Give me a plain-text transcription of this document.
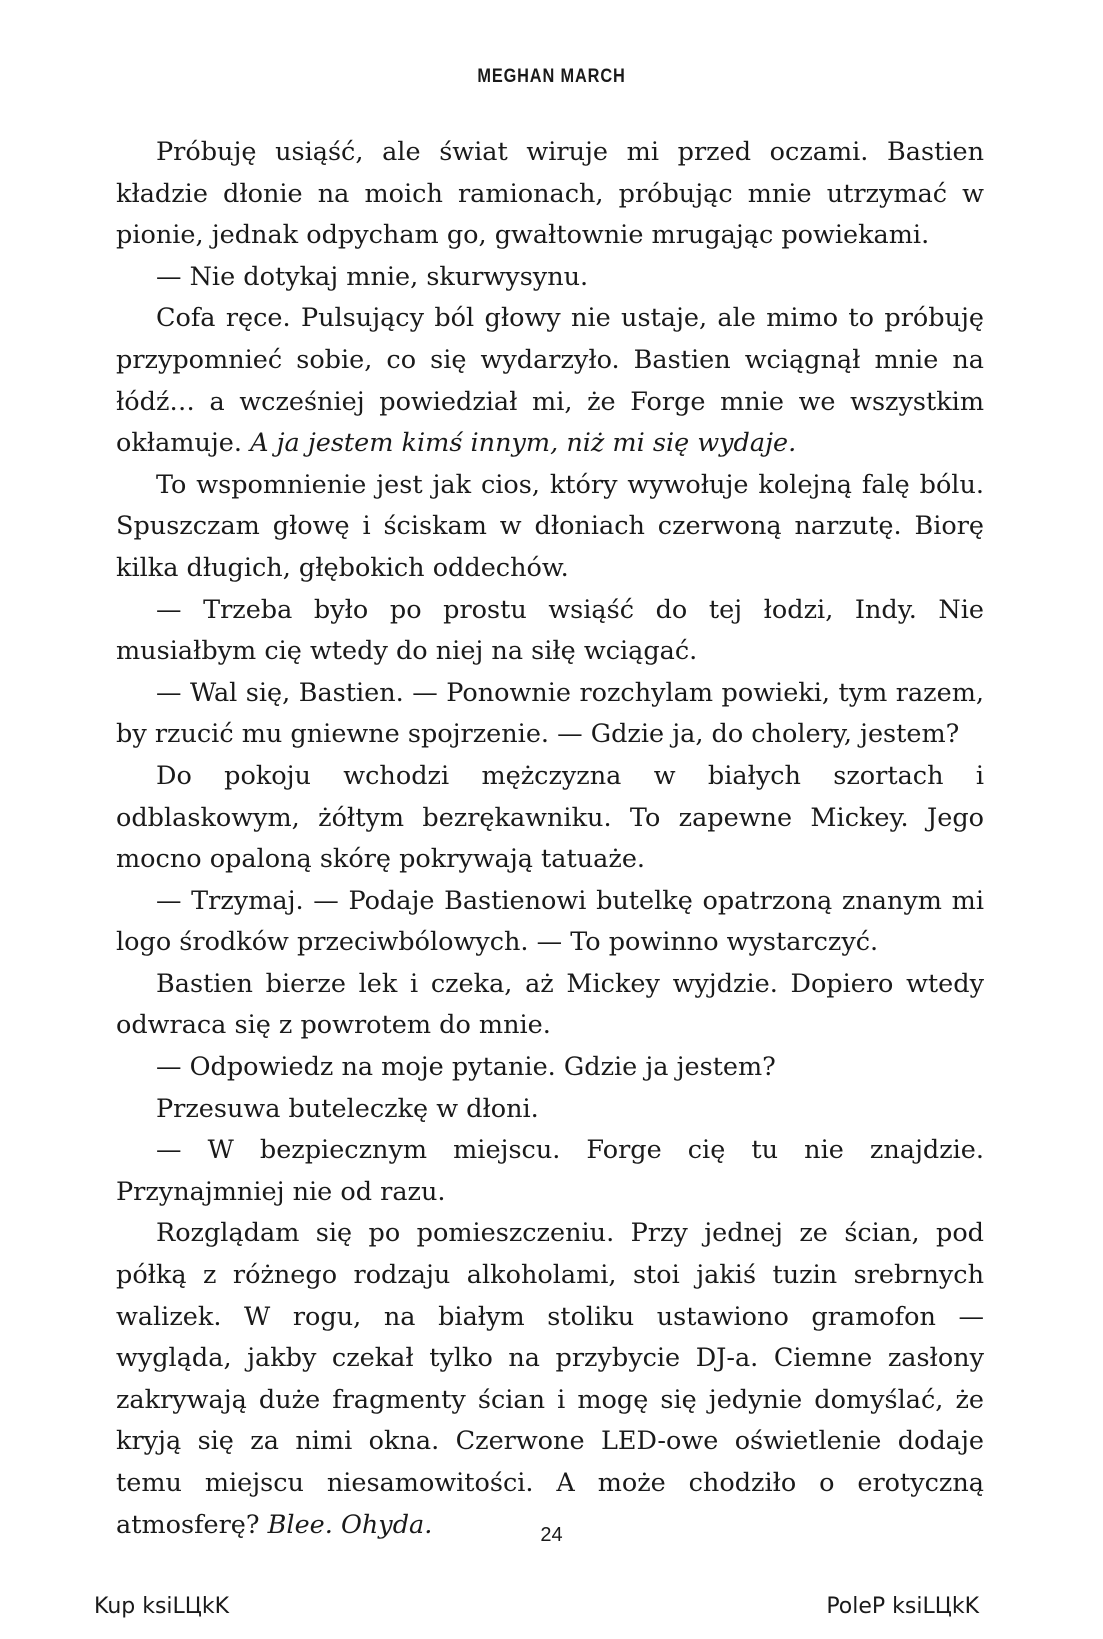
MEGHAN MARCH

Próbuję usiąść, ale świat wiruje mi przed oczami. Bastien kładzie dłonie na moich ramionach, próbując mnie utrzymać w pionie, jednak odpycham go, gwałtownie mrugając powiekami.

— Nie dotykaj mnie, skurwysynu.

Cofa ręce. Pulsujący ból głowy nie ustaje, ale mimo to próbuję przypomnieć sobie, co się wydarzyło. Bastien wciągnął mnie na łódź… a wcześniej powiedział mi, że Forge mnie we wszystkim okłamuje. A ja jestem kimś innym, niż mi się wydaje.

To wspomnienie jest jak cios, który wywołuje kolejną falę bólu. Spuszczam głowę i ściskam w dłoniach czerwoną narzutę. Biorę kilka długich, głębokich oddechów.

— Trzeba było po prostu wsiąść do tej łodzi, Indy. Nie musiałbym cię wtedy do niej na siłę wciągać.

— Wal się, Bastien. — Ponownie rozchylam powieki, tym razem, by rzucić mu gniewne spojrzenie. — Gdzie ja, do cholery, jestem?

Do pokoju wchodzi mężczyzna w białych szortach i odblaskowym, żółtym bezrękawniku. To zapewne Mickey. Jego mocno opaloną skórę pokrywają tatuaże.

— Trzymaj. — Podaje Bastienowi butelkę opatrzoną znanym mi logo środków przeciwbólowych. — To powinno wystarczyć.

Bastien bierze lek i czeka, aż Mickey wyjdzie. Dopiero wtedy odwraca się z powrotem do mnie.

— Odpowiedz na moje pytanie. Gdzie ja jestem?

Przesuwa buteleczkę w dłoni.

— W bezpiecznym miejscu. Forge cię tu nie znajdzie. Przynajmniej nie od razu.

Rozglądam się po pomieszczeniu. Przy jednej ze ścian, pod półką z różnego rodzaju alkoholami, stoi jakiś tuzin srebrnych walizek. W rogu, na białym stoliku ustawiono gramofon — wygląda, jakby czekał tylko na przybycie DJ-a. Ciemne zasłony zakrywają duże fragmenty ścian i mogę się jedynie domyślać, że kryją się za nimi okna. Czerwone LED-owe oświetlenie dodaje temu miejscu niesamowitości. A może chodziło o erotyczną atmosferę? Blee. Ohyda.	24
Kup ksiLЦkK	PoleP ksiLЦkK
